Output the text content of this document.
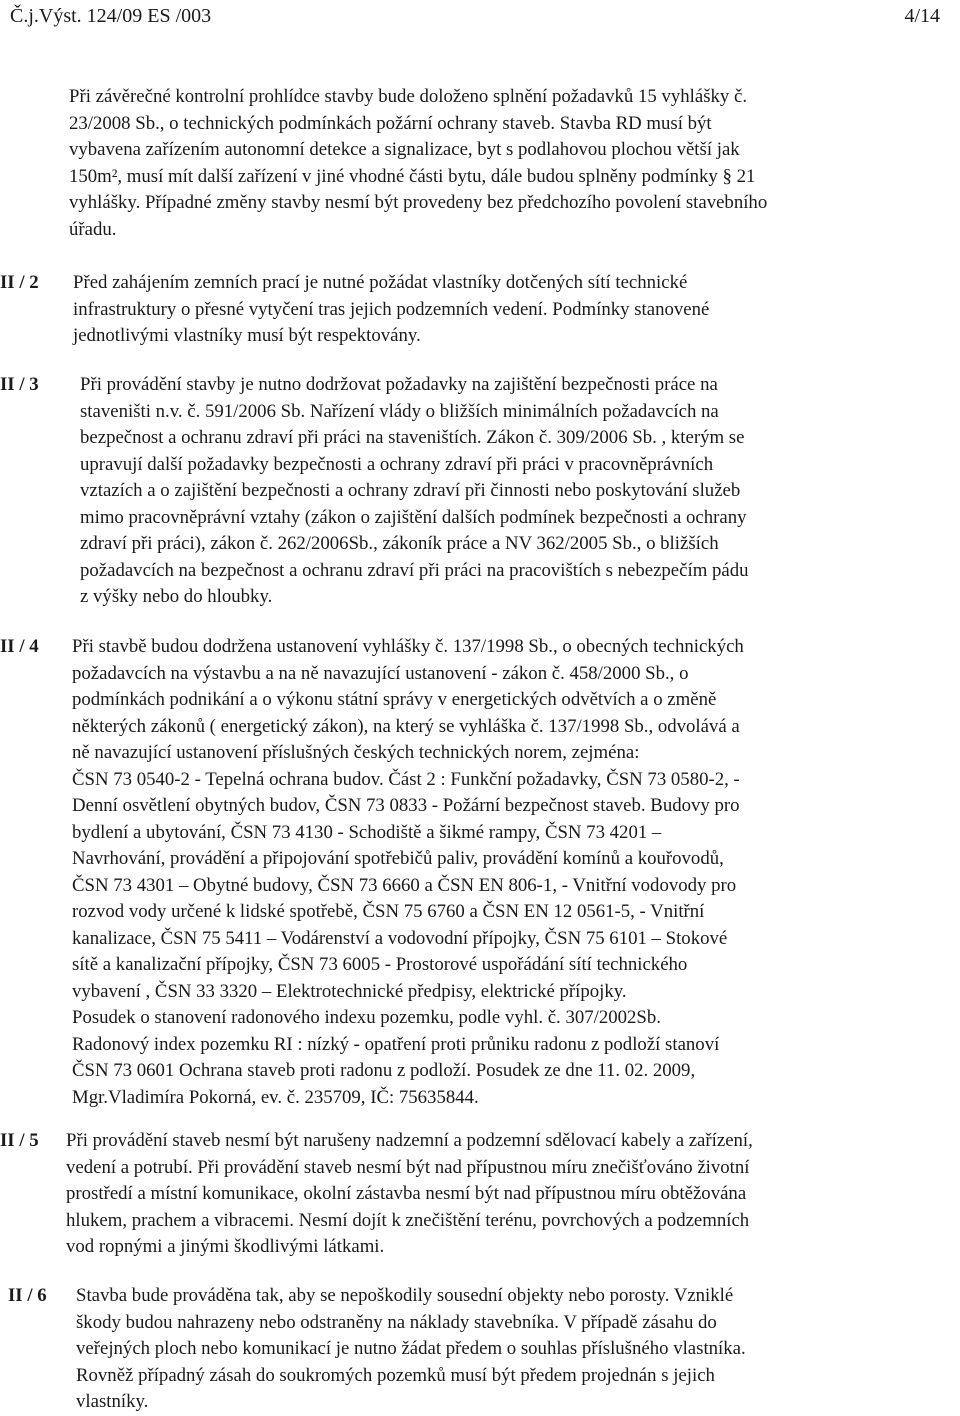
Č.j.Výst. 124/09 ES /003	4/14

Při závěrečné kontrolní prohlídce stavby bude doloženo splnění požadavků 15 vyhlášky č.

23/2008 Sb., o technických podmínkách požární ochrany staveb. Stavba RD musí být

vybavena zařízením autonomní detekce a signalizace, byt s podlahovou plochou větší jak

150m², musí mít další zařízení v jiné vhodné části bytu, dále budou splněny podmínky § 21

vyhlášky. Případné změny stavby nesmí být provedeny bez předchozího povolení stavebního

úřadu.

II / 2 Před zahájením zemních prací je nutné požádat vlastníky dotčených sítí technické

infrastruktury o přesné vytyčení tras jejich podzemních vedení. Podmínky stanovené

jednotlivými vlastníky musí být respektovány.

II / 3 Při provádění stavby je nutno dodržovat požadavky na zajištění bezpečnosti práce na

staveništi n.v. č. 591/2006 Sb. Nařízení vlády o bližších minimálních požadavcích na

bezpečnost a ochranu zdraví při práci na staveništích. Zákon č. 309/2006 Sb. , kterým se

upravují další požadavky bezpečnosti a ochrany zdraví při práci v pracovněprávních

vztazích a o zajištění bezpečnosti a ochrany zdraví při činnosti nebo poskytování služeb

mimo pracovněprávní vztahy (zákon o zajištění dalších podmínek bezpečnosti a ochrany

zdraví při práci), zákon č. 262/2006Sb., zákoník práce a NV 362/2005 Sb., o bližších

požadavcích na bezpečnost a ochranu zdraví při práci na pracovištích s nebezpečím pádu

z výšky nebo do hloubky.

II / 4 Při stavbě budou dodržena ustanovení vyhlášky č. 137/1998 Sb., o obecných technických

požadavcích na výstavbu a na ně navazující ustanovení - zákon č. 458/2000 Sb., o

podmínkách podnikání a o výkonu státní správy v energetických odvětvích a o změně

některých zákonů ( energetický zákon), na který se vyhláška č. 137/1998 Sb., odvolává a

ně navazující ustanovení příslušných českých technických norem, zejména:

ČSN 73 0540-2 - Tepelná ochrana budov. Část 2 : Funkční požadavky, ČSN 73 0580-2, -

Denní osvětlení obytných budov, ČSN 73 0833 - Požární bezpečnost staveb. Budovy pro

bydlení a ubytování, ČSN 73 4130 - Schodiště a šikmé rampy, ČSN 73 4201 –

Navrhování, provádění a připojování spotřebičů paliv, provádění komínů a kouřovodů,

ČSN 73 4301 – Obytné budovy, ČSN 73 6660 a ČSN EN 806-1, - Vnitřní vodovody pro

rozvod vody určené k lidské spotřebě, ČSN 75 6760 a ČSN EN 12 0561-5, - Vnitřní

kanalizace, ČSN 75 5411 – Vodárenství a vodovodní přípojky, ČSN 75 6101 – Stokové

sítě a kanalizační přípojky, ČSN 73 6005 - Prostorové uspořádání sítí technického

vybavení , ČSN 33 3320 – Elektrotechnické předpisy, elektrické přípojky.

Posudek o stanovení radonového indexu pozemku, podle vyhl. č. 307/2002Sb.

Radonový index pozemku RI : nízký - opatření proti průniku radonu z podloží stanoví

ČSN 73 0601 Ochrana staveb proti radonu z podloží. Posudek ze dne 11. 02. 2009,

Mgr.Vladimíra Pokorná, ev. č. 235709, IČ: 75635844.

II / 5 Při provádění staveb nesmí být narušeny nadzemní a podzemní sdělovací kabely a zařízení,

vedení a potrubí. Při provádění staveb nesmí být nad přípustnou míru znečišťováno životní

prostředí a místní komunikace, okolní zástavba nesmí být nad přípustnou míru obtěžována

hlukem, prachem a vibracemi. Nesmí dojít k znečištění terénu, povrchových a podzemních

vod ropnými a jinými škodlivými látkami.

II / 6 Stavba bude prováděna tak, aby se nepoškodily sousední objekty nebo porosty. Vzniklé

škody budou nahrazeny nebo odstraněny na náklady stavebníka. V případě zásahu do

veřejných ploch nebo komunikací je nutno žádat předem o souhlas příslušného vlastníka.

Rovněž případný zásah do soukromých pozemků musí být předem projednán s jejich

vlastníky.
